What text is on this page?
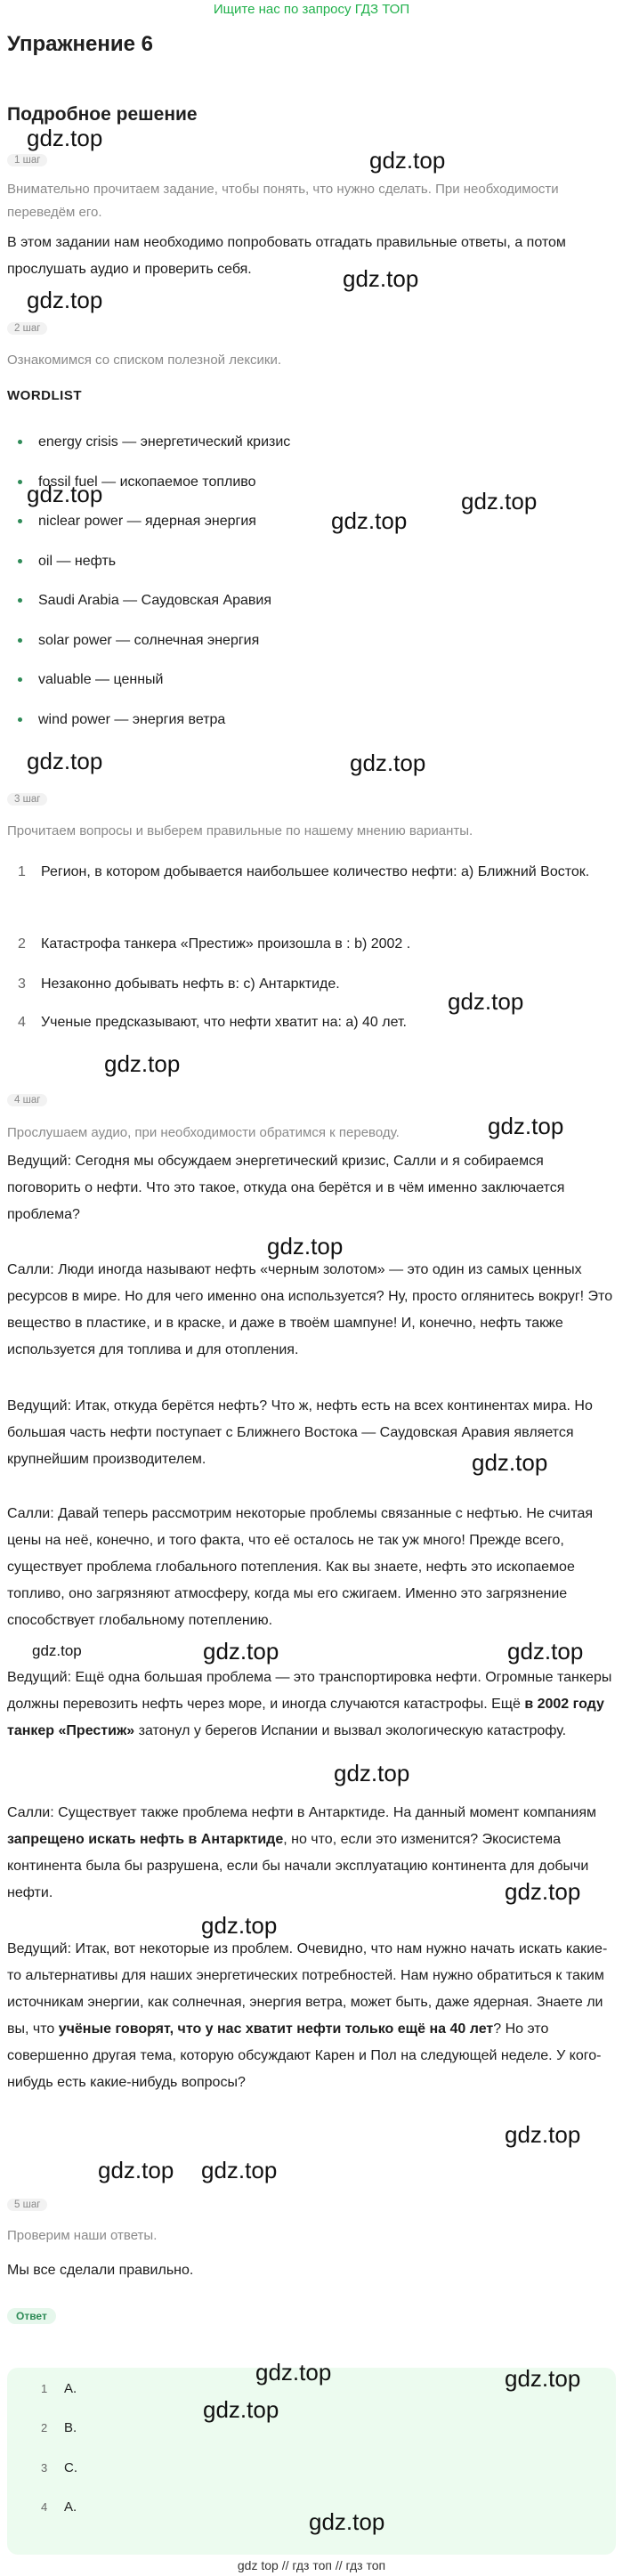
Ищите нас по запросу ГДЗ ТОП
Упражнение 6
Подробное решение
gdz.top
gdz.top
1 шаг
Внимательно прочитаем задание, чтобы понять, что нужно сделать. При необходимости переведём его.
В этом задании нам необходимо попробовать отгадать правильные ответы, а потом прослушать аудио и проверить себя.	gdz.top
gdz.top
2 шаг
Ознакомимся со списком полезной лексики.
WORDLIST
energy crisis — энергетический кризис
fossil fuel — ископаемое топливо
niclear power — ядерная энергия
oil — нефть
Saudi Arabia — Саудовская Аравия
solar power — солнечная энергия
valuable — ценный
wind power — энергия ветра
gdz.top	gdz.top
gdz.top
gdz.top	gdz.top
3 шаг
Прочитаем вопросы и выберем правильные по нашему мнению варианты.
1 Регион, в котором добывается наибольшее количество нефти: a) Ближний Восток.
2 Катастрофа танкера «Престиж» произошла в : b) 2002 .
3 Незаконно добывать нефть в: c) Антарктиде.
4 Ученые предсказывают, что нефти хватит на: a) 40 лет.
gdz.top
gdz.top
4 шаг
Прослушаем аудио, при необходимости обратимся к переводу.	gdz.top
Ведущий: Сегодня мы обсуждаем энергетический кризис, Салли и я собираемся поговорить о нефти. Что это такое, откуда она берётся и в чём именно заключается проблема?
gdz.top
Салли: Люди иногда называют нефть «черным золотом» — это один из самых ценных ресурсов в мире. Но для чего именно она используется? Ну, просто оглянитесь вокруг! Это вещество в пластике, и в краске, и даже в твоём шампуне! И, конечно, нефть также используется для топлива и для отопления.
Ведущий: Итак, откуда берётся нефть? Что ж, нефть есть на всех континентах мира. Но большая часть нефти поступает с Ближнего Востока — Саудовская Аравия является крупнейшим производителем.	gdz.top
Салли: Давай теперь рассмотрим некоторые проблемы связанные с нефтью. Не считая цены на неё, конечно, и того факта, что её осталось не так уж много! Прежде всего, существует проблема глобального потепления. Как вы знаете, нефть это ископаемое топливо, оно загрязняют атмосферу, когда мы его сжигаем. Именно это загрязнение способствует глобальному потеплению.
gdz.top	gdz.top	gdz.top
Ведущий: Ещё одна большая проблема — это транспортировка нефти. Огромные танкеры должны перевозить нефть через море, и иногда случаются катастрофы. Ещё в 2002 году танкер «Престиж» затонул у берегов Испании и вызвал экологическую катастрофу.
gdz.top
Салли: Существует также проблема нефти в Антарктиде. На данный момент компаниям запрещено искать нефть в Антарктиде, но что, если это изменится? Экосистема континента была бы разрушена, если бы начали эксплуатацию континента для добычи нефти.	gdz.top
gdz.top
Ведущий: Итак, вот некоторые из проблем. Очевидно, что нам нужно начать искать какие-то альтернативы для наших энергетических потребностей. Нам нужно обратиться к таким источникам энергии, как солнечная, энергия ветра, может быть, даже ядерная. Знаете ли вы, что учёные говорят, что у нас хватит нефти только ещё на 40 лет? Но это совершенно другая тема, которую обсуждают Карен и Пол на следующей неделе. У кого-нибудь есть какие-нибудь вопросы?
gdz.top
gdz.top gdz.top
5 шаг
Проверим наши ответы.
Мы все сделали правильно.
Ответ
1 A.
2 B.
3 C.
4 A.
gdz.top	gdz.top
gdz.top
gdz.top
gdz top // гдз топ // гдз топ
